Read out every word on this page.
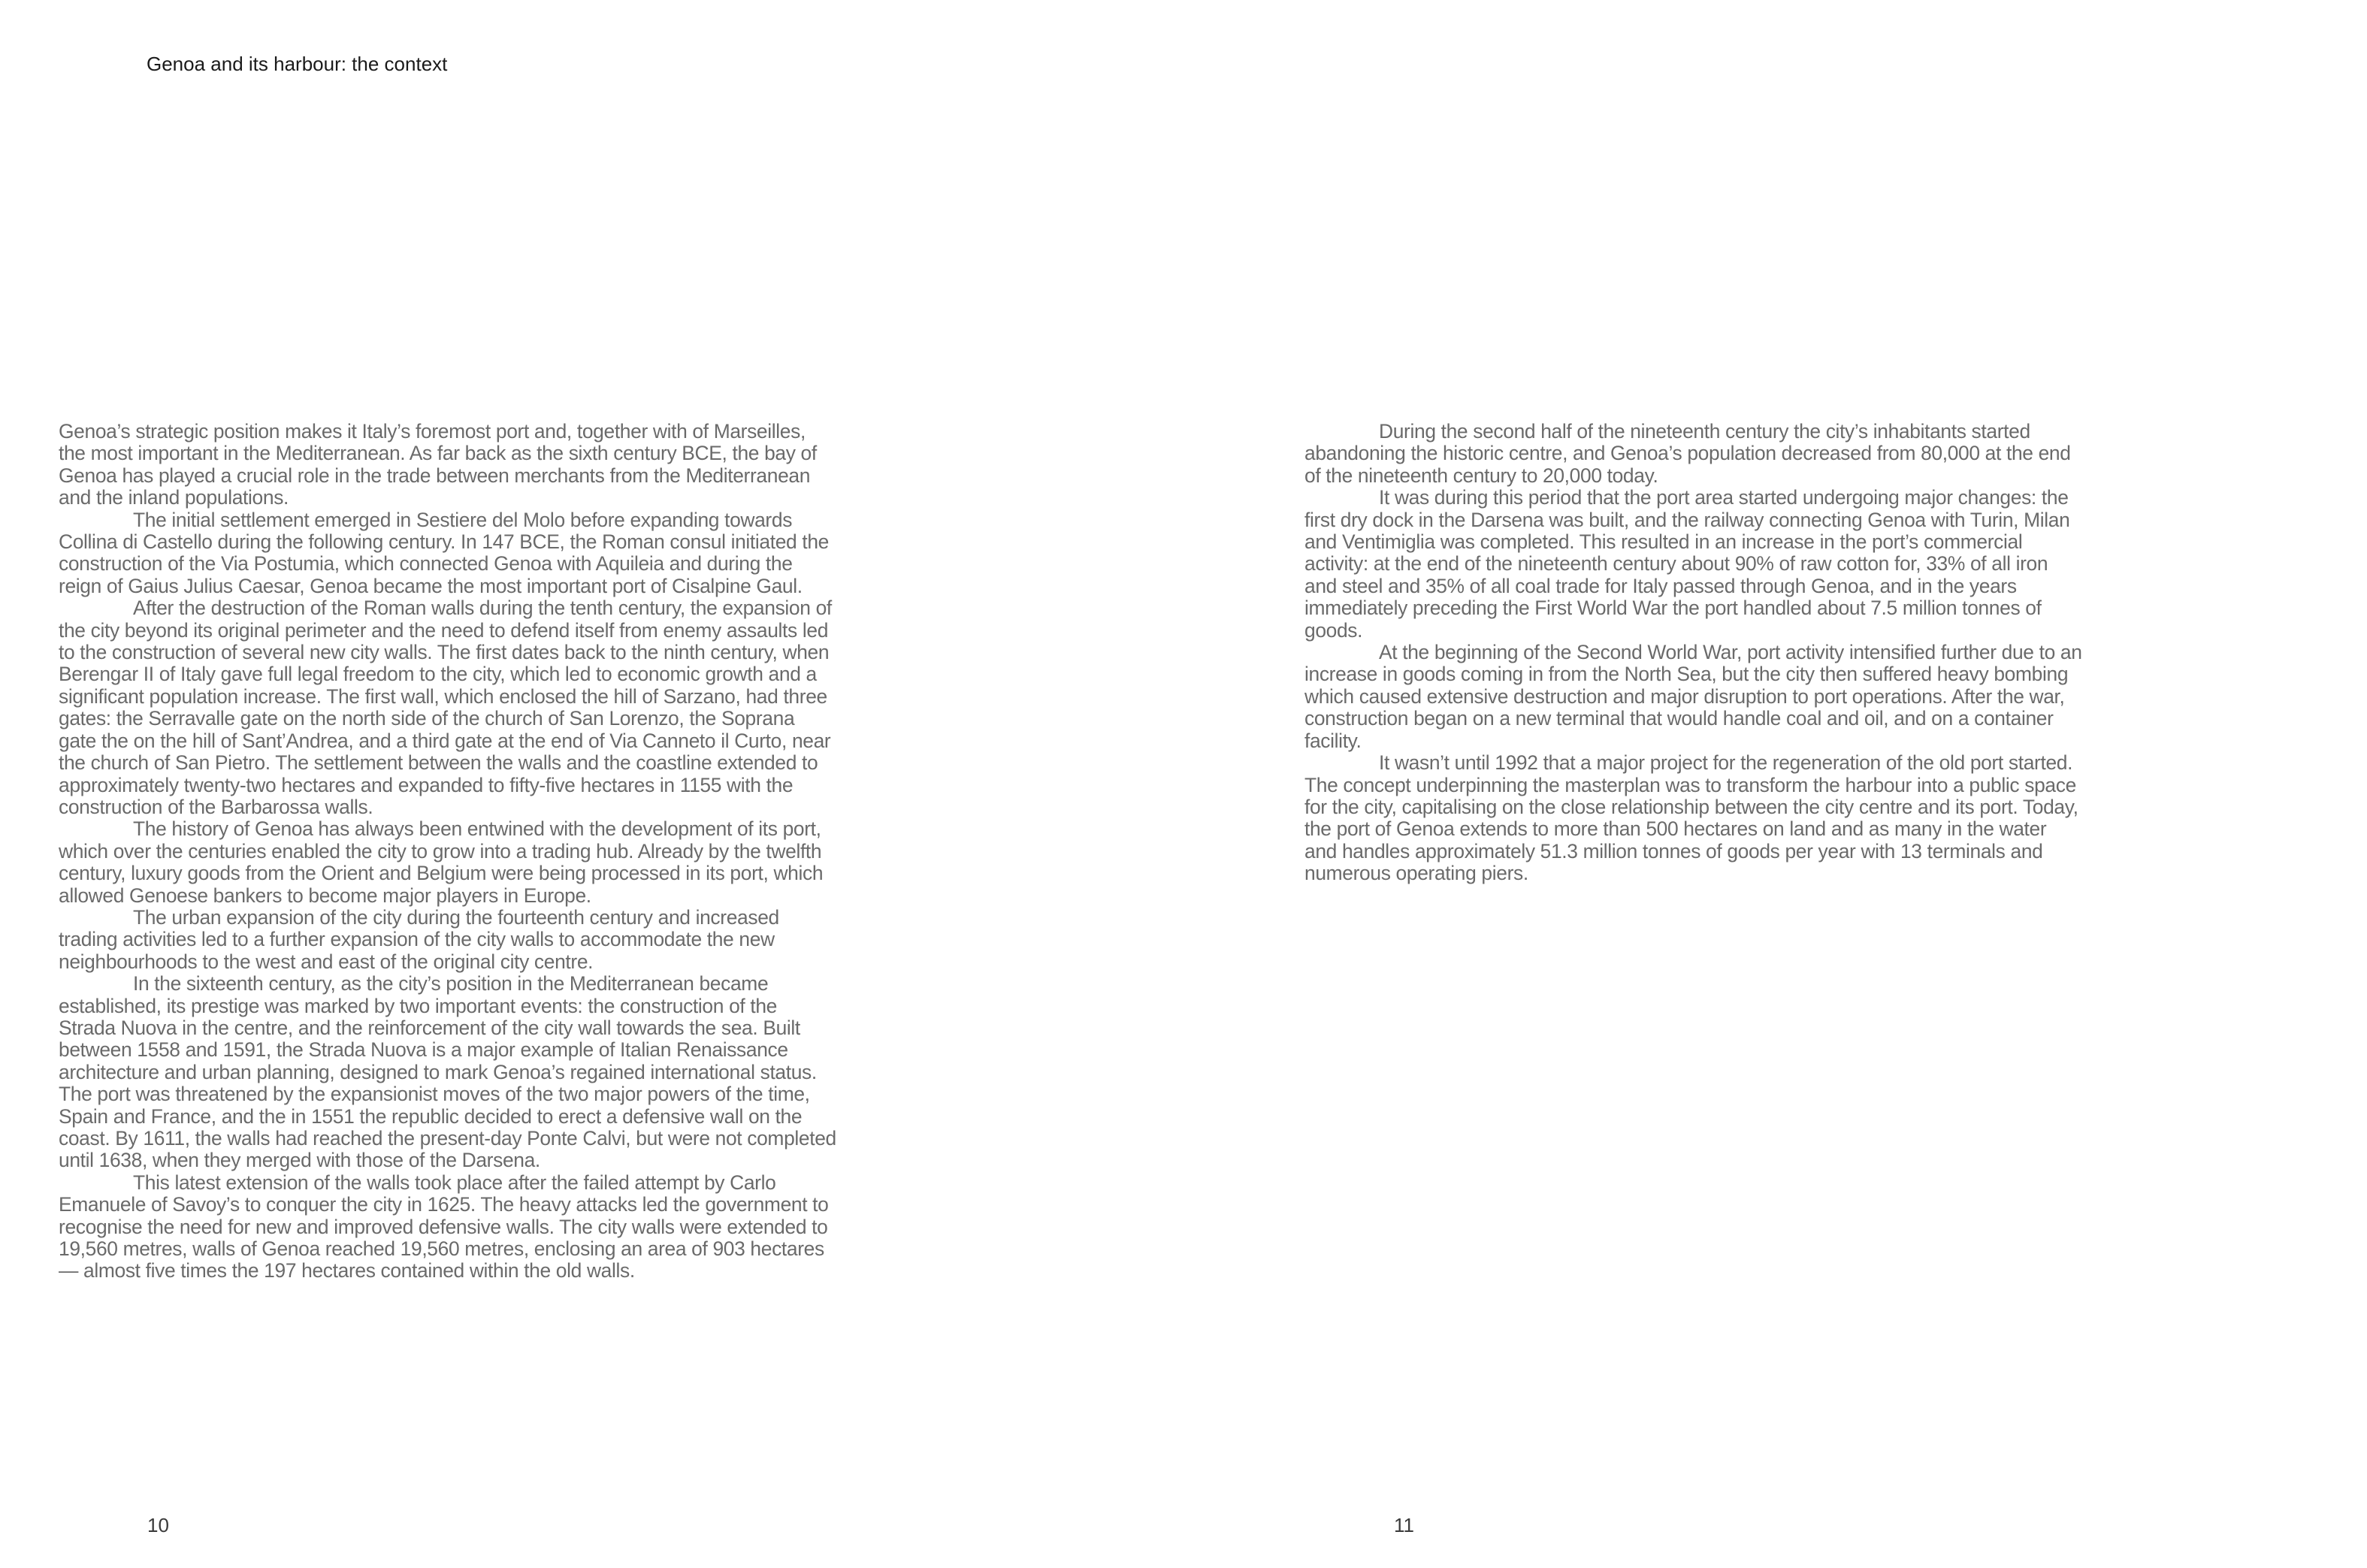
Genoa and its harbour: the context

Genoa’s strategic position makes it Italy’s foremost port and, together with of Marseilles, the most important in the Mediterranean. As far back as the sixth century BCE, the bay of Genoa has played a crucial role in the trade between merchants from the Mediterranean and the inland populations.

The initial settlement emerged in Sestiere del Molo before expanding towards Collina di Castello during the following century. In 147 BCE, the Roman consul initiated the construction of the Via Postumia, which connected Genoa with Aquileia and during the reign of Gaius Julius Caesar, Genoa became the most important port of Cisalpine Gaul.

After the destruction of the Roman walls during the tenth century, the expansion of the city beyond its original perimeter and the need to defend itself from enemy assaults led to the construction of several new city walls. The first dates back to the ninth century, when Berengar II of Italy gave full legal freedom to the city, which led to economic growth and a significant population increase. The first wall, which enclosed the hill of Sarzano, had three gates: the Serravalle gate on the north side of the church of San Lorenzo, the Soprana gate the on the hill of Sant’Andrea, and a third gate at the end of Via Canneto il Curto, near the church of San Pietro. The settlement between the walls and the coastline extended to approximately twenty-two hectares and expanded to fifty-five hectares in 1155 with the construction of the Barbarossa walls.

The history of Genoa has always been entwined with the development of its port, which over the centuries enabled the city to grow into a trading hub. Already by the twelfth century, luxury goods from the Orient and Belgium were being processed in its port, which allowed Genoese bankers to become major players in Europe.

The urban expansion of the city during the fourteenth century and increased trading activities led to a further expansion of the city walls to accommodate the new neighbourhoods to the west and east of the original city centre.

In the sixteenth century, as the city’s position in the Mediterranean became established, its prestige was marked by two important events: the construction of the Strada Nuova in the centre, and the reinforcement of the city wall towards the sea. Built between 1558 and 1591, the Strada Nuova is a major example of Italian Renaissance architecture and urban planning, designed to mark Genoa’s regained international status. The port was threatened by the expansionist moves of the two major powers of the time, Spain and France, and the in 1551 the republic decided to erect a defensive wall on the coast. By 1611, the walls had reached the present-day Ponte Calvi, but were not completed until 1638, when they merged with those of the Darsena.

This latest extension of the walls took place after the failed attempt by Carlo Emanuele of Savoy’s to conquer the city in 1625. The heavy attacks led the government to recognise the need for new and improved defensive walls. The city walls were extended to 19,560 metres, walls of Genoa reached 19,560 metres, enclosing an area of 903 hectares — almost five times the 197 hectares contained within the old walls.

During the second half of the nineteenth century the city’s inhabitants started abandoning the historic centre, and Genoa’s population decreased from 80,000 at the end of the nineteenth century to 20,000 today.

It was during this period that the port area started undergoing major changes: the first dry dock in the Darsena was built, and the railway connecting Genoa with Turin, Milan and Ventimiglia was completed. This resulted in an increase in the port’s commercial activity: at the end of the nineteenth century about 90% of raw cotton for, 33% of all iron and steel and 35% of all coal trade for Italy passed through Genoa, and in the years immediately preceding the First World War the port handled about 7.5 million tonnes of goods.

At the beginning of the Second World War, port activity intensified further due to an increase in goods coming in from the North Sea, but the city then suffered heavy bombing which caused extensive destruction and major disruption to port operations. After the war, construction began on a new terminal that would handle coal and oil, and on a container facility.

It wasn’t until 1992 that a major project for the regeneration of the old port started. The concept underpinning the masterplan was to transform the harbour into a public space for the city, capitalising on the close relationship between the city centre and its port. Today, the port of Genoa extends to more than 500 hectares on land and as many in the water and handles approximately 51.3 million tonnes of goods per year with 13 terminals and numerous operating piers.

10	11
